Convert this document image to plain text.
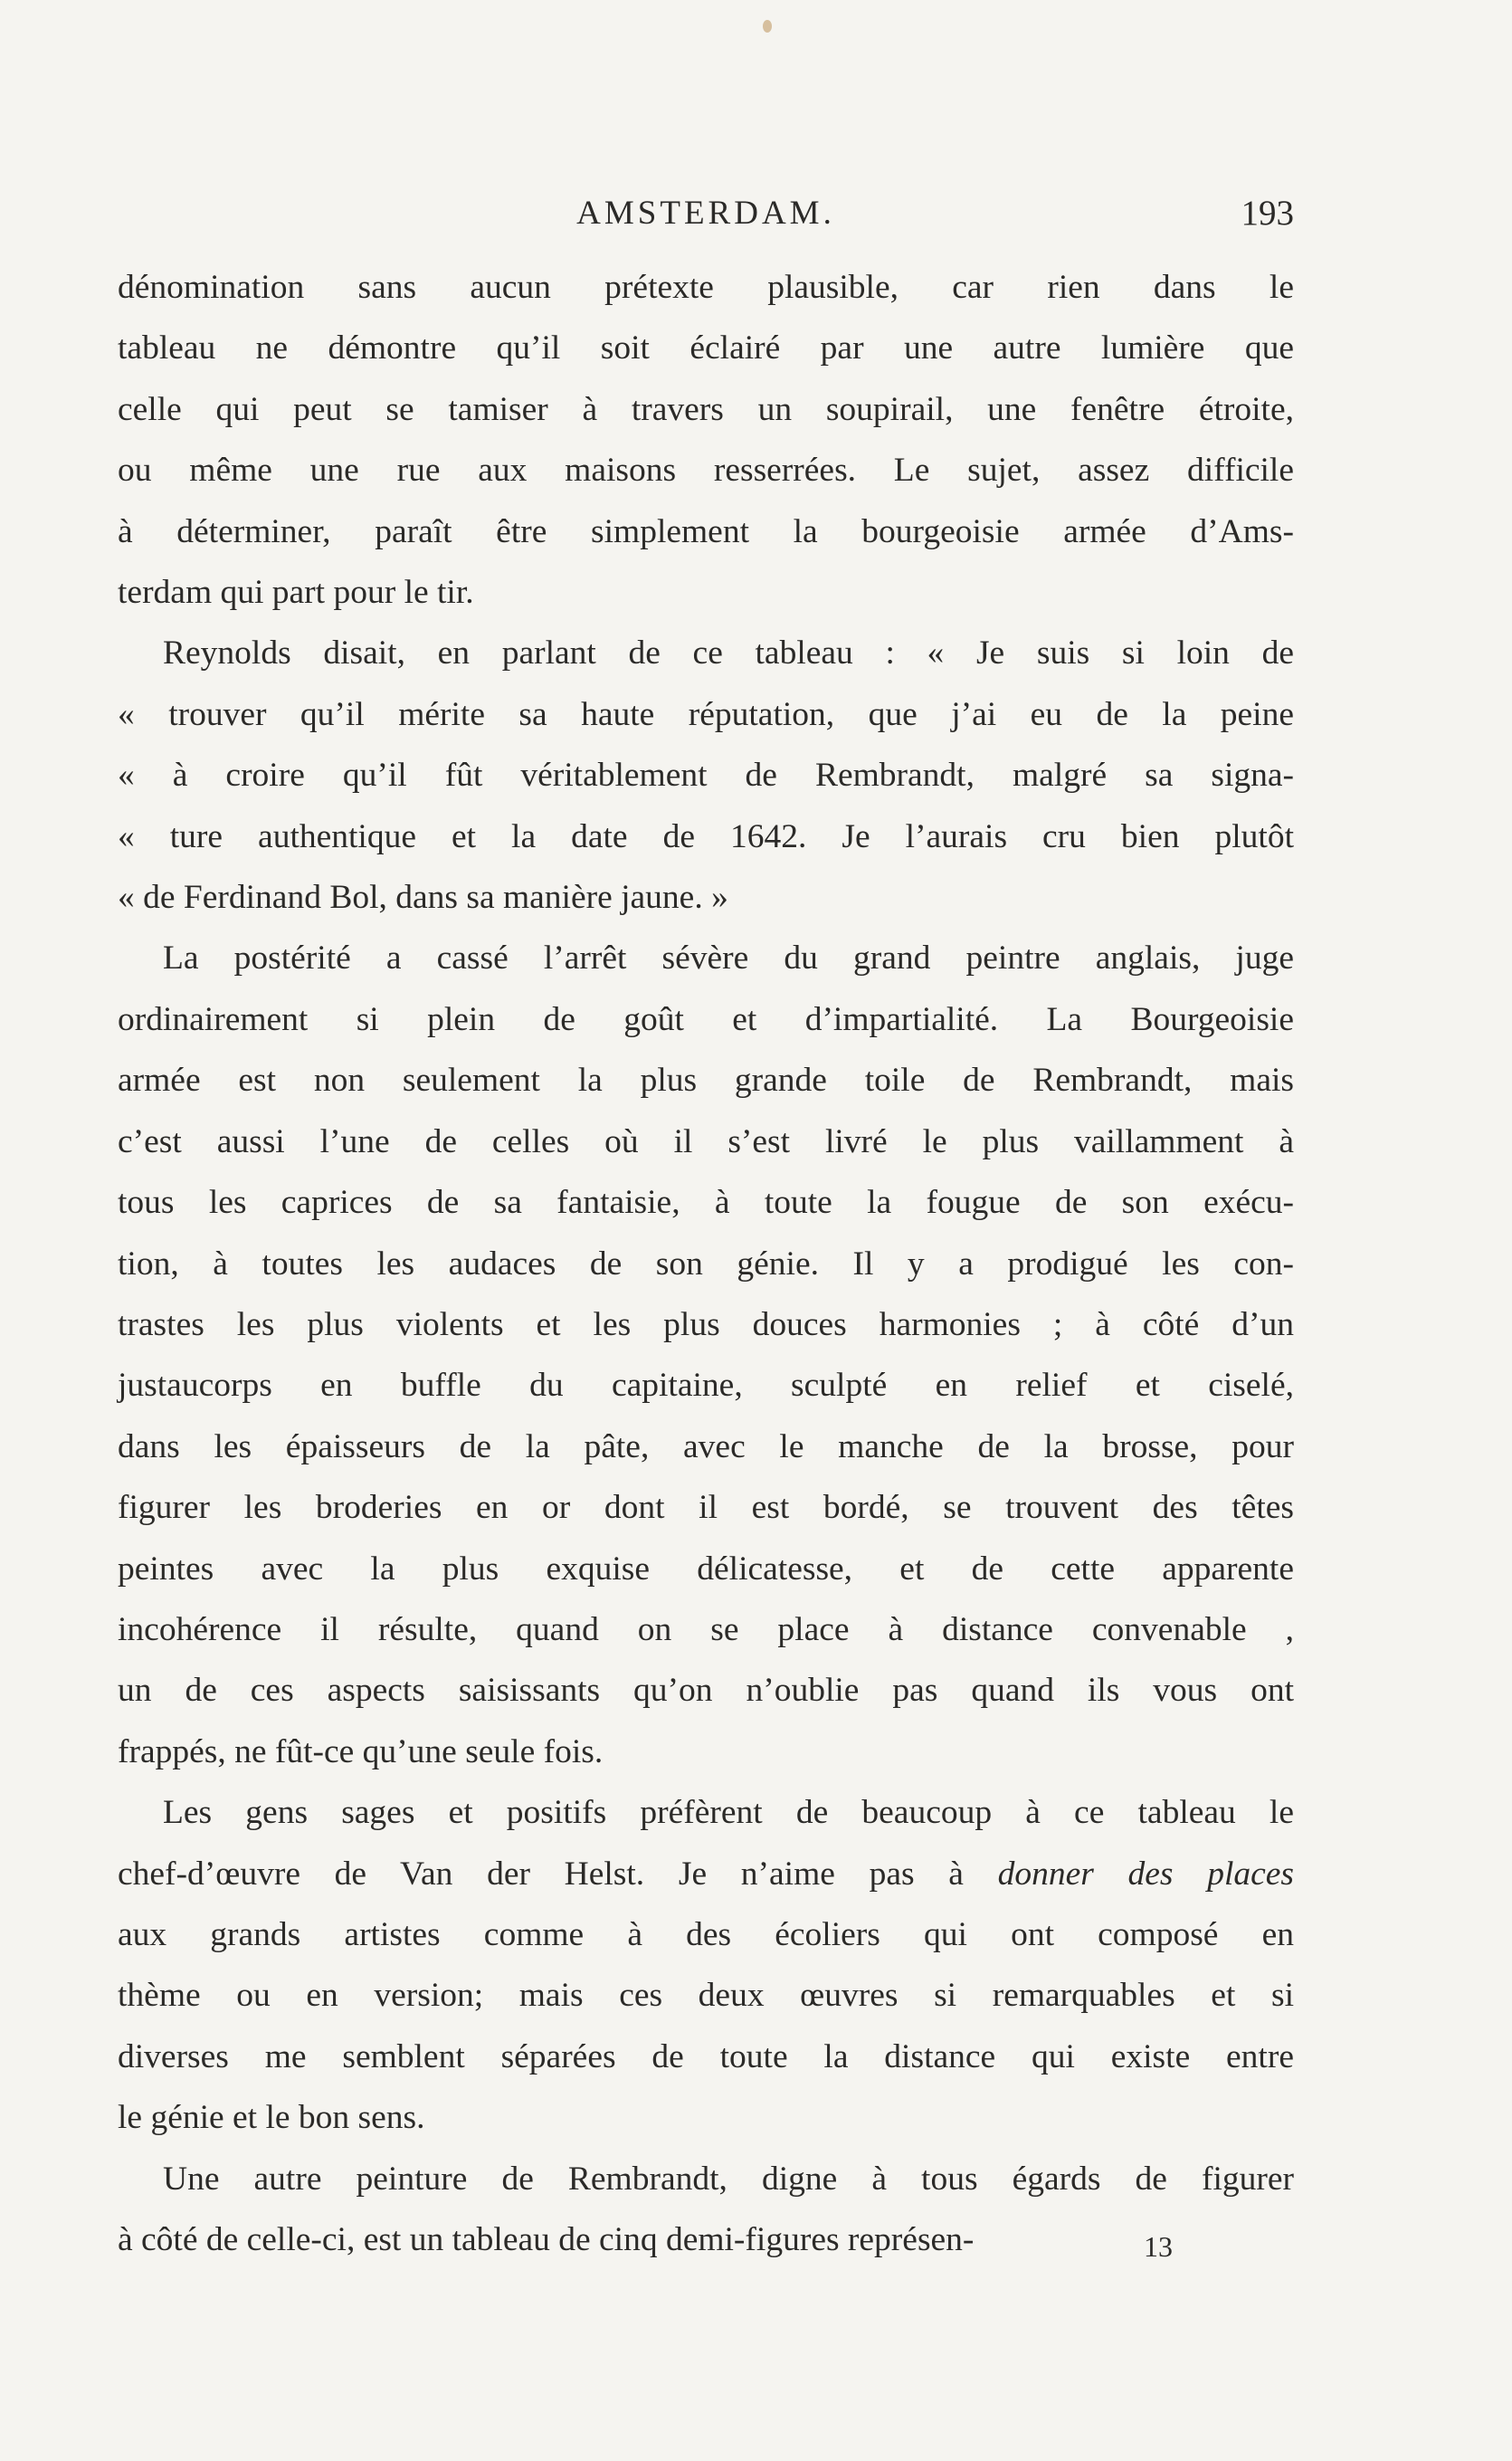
AMSTERDAM.	193

dénomination sans aucun prétexte plausible, car rien dans le
tableau ne démontre qu’il soit éclairé par une autre lumière que
celle qui peut se tamiser à travers un soupirail, une fenêtre étroite,
ou même une rue aux maisons resserrées. Le sujet, assez difficile
à déterminer, paraît être simplement la bourgeoisie armée d’Ams-
terdam qui part pour le tir.

Reynolds disait, en parlant de ce tableau : « Je suis si loin de
« trouver qu’il mérite sa haute réputation, que j’ai eu de la peine
« à croire qu’il fût véritablement de Rembrandt, malgré sa signa-
« ture authentique et la date de 1642. Je l’aurais cru bien plutôt
« de Ferdinand Bol, dans sa manière jaune. »

La postérité a cassé l’arrêt sévère du grand peintre anglais, juge
ordinairement si plein de goût et d’impartialité. La Bourgeoisie
armée est non seulement la plus grande toile de Rembrandt, mais
c’est aussi l’une de celles où il s’est livré le plus vaillamment à
tous les caprices de sa fantaisie, à toute la fougue de son exécu-
tion, à toutes les audaces de son génie. Il y a prodigué les con-
trastes les plus violents et les plus douces harmonies ; à côté d’un
justaucorps en buffle du capitaine, sculpté en relief et ciselé,
dans les épaisseurs de la pâte, avec le manche de la brosse, pour
figurer les broderies en or dont il est bordé, se trouvent des têtes
peintes avec la plus exquise délicatesse, et de cette apparente
incohérence il résulte, quand on se place à distance convenable ,
un de ces aspects saisissants qu’on n’oublie pas quand ils vous ont
frappés, ne fût-ce qu’une seule fois.

Les gens sages et positifs préfèrent de beaucoup à ce tableau le
chef-d’œuvre de Van der Helst. Je n’aime pas à donner des places
aux grands artistes comme à des écoliers qui ont composé en
thème ou en version; mais ces deux œuvres si remarquables et si
diverses me semblent séparées de toute la distance qui existe entre
le génie et le bon sens.

Une autre peinture de Rembrandt, digne à tous égards de figurer
à côté de celle-ci, est un tableau de cinq demi-figures représen-	13
